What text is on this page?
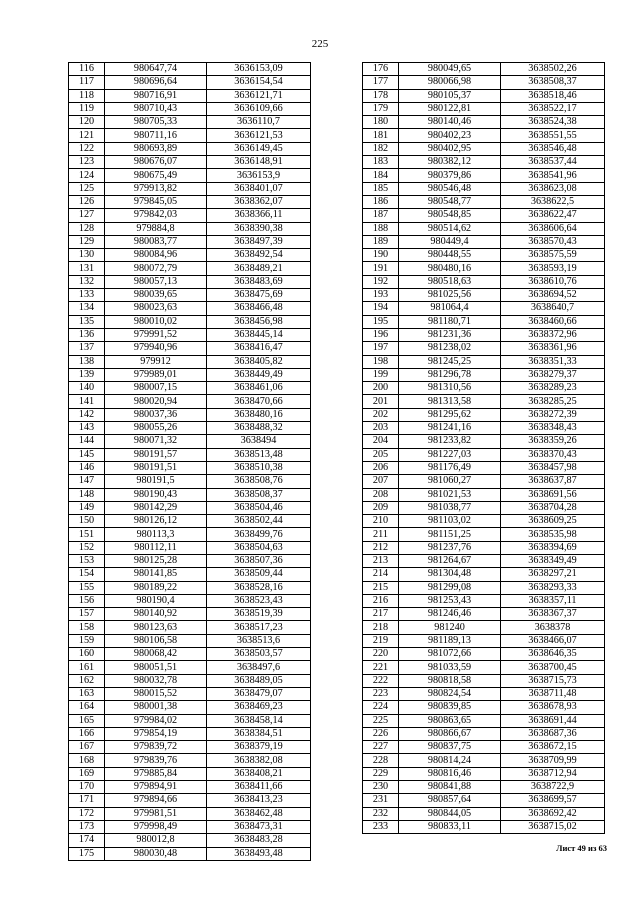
225
116	980647,74	3636153,09
117	980696,64	3636154,54
118	980716,91	3636121,71
119	980710,43	3636109,66
120	980705,33	3636110,7
121	980711,16	3636121,53
122	980693,89	3636149,45
123	980676,07	3636148,91
124	980675,49	3636153,9
125	979913,82	3638401,07
126	979845,05	3638362,07
127	979842,03	3638366,11
128	979884,8	3638390,38
129	980083,77	3638497,39
130	980084,96	3638492,54
131	980072,79	3638489,21
132	980057,13	3638483,69
133	980039,65	3638475,69
134	980023,63	3638466,48
135	980010,02	3638456,98
136	979991,52	3638445,14
137	979940,96	3638416,47
138	979912	3638405,82
139	979989,01	3638449,49
140	980007,15	3638461,06
141	980020,94	3638470,66
142	980037,36	3638480,16
143	980055,26	3638488,32
144	980071,32	3638494
145	980191,57	3638513,48
146	980191,51	3638510,38
147	980191,5	3638508,76
148	980190,43	3638508,37
149	980142,29	3638504,46
150	980126,12	3638502,44
151	980113,3	3638499,76
152	980112,11	3638504,63
153	980125,28	3638507,36
154	980141,85	3638509,44
155	980189,22	3638528,16
156	980190,4	3638523,43
157	980140,92	3638519,39
158	980123,63	3638517,23
159	980106,58	3638513,6
160	980068,42	3638503,57
161	980051,51	3638497,6
162	980032,78	3638489,05
163	980015,52	3638479,07
164	980001,38	3638469,23
165	979984,02	3638458,14
166	979854,19	3638384,51
167	979839,72	3638379,19
168	979839,76	3638382,08
169	979885,84	3638408,21
170	979894,91	3638411,66
171	979894,66	3638413,23
172	979981,51	3638462,48
173	979998,49	3638473,31
174	980012,8	3638483,28
175	980030,48	3638493,48
176	980049,65	3638502,26
177	980066,98	3638508,37
178	980105,37	3638518,46
179	980122,81	3638522,17
180	980140,46	3638524,38
181	980402,23	3638551,55
182	980402,95	3638546,48
183	980382,12	3638537,44
184	980379,86	3638541,96
185	980546,48	3638623,08
186	980548,77	3638622,5
187	980548,85	3638622,47
188	980514,62	3638606,64
189	980449,4	3638570,43
190	980448,55	3638575,59
191	980480,16	3638593,19
192	980518,63	3638610,76
193	981025,56	3638694,52
194	981064,4	3638640,7
195	981180,71	3638460,66
196	981231,36	3638372,96
197	981238,02	3638361,96
198	981245,25	3638351,33
199	981296,78	3638279,37
200	981310,56	3638289,23
201	981313,58	3638285,25
202	981295,62	3638272,39
203	981241,16	3638348,43
204	981233,82	3638359,26
205	981227,03	3638370,43
206	981176,49	3638457,98
207	981060,27	3638637,87
208	981021,53	3638691,56
209	981038,77	3638704,28
210	981103,02	3638609,25
211	981151,25	3638535,98
212	981237,76	3638394,69
213	981264,67	3638349,49
214	981304,48	3638297,21
215	981299,08	3638293,33
216	981253,43	3638357,11
217	981246,46	3638367,37
218	981240	3638378
219	981189,13	3638466,07
220	981072,66	3638646,35
221	981033,59	3638700,45
222	980818,58	3638715,73
223	980824,54	3638711,48
224	980839,85	3638678,93
225	980863,65	3638691,44
226	980866,67	3638687,36
227	980837,75	3638672,15
228	980814,24	3638709,99
229	980816,46	3638712,94
230	980841,88	3638722,9
231	980857,64	3638699,57
232	980844,05	3638692,42
233	980833,11	3638715,02
Лист 49 из 63
